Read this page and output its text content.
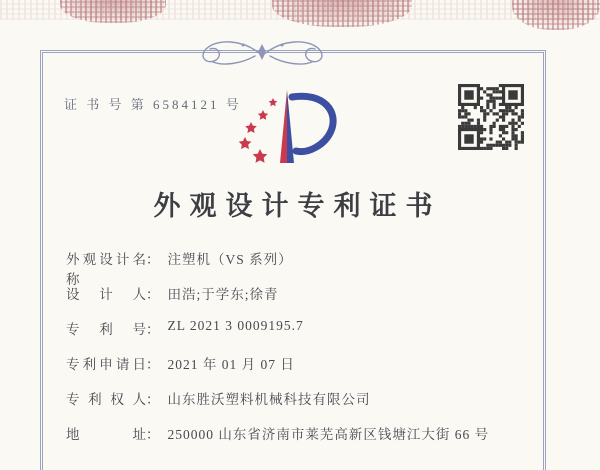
证 书 号 第 6584121 号
外观设计专利证书
外观设计名称
： 注塑机（VS 系列）
设计人 ： 田浩;于学东;徐青
专利号 ： ZL 2021 3 0009195.7
专利申请日 ： 2021 年 01 月 07 日
专利权人 ： 山东胜沃塑料机械科技有限公司
地址 ： 250000 山东省济南市莱芜高新区钱塘江大街 66 号
